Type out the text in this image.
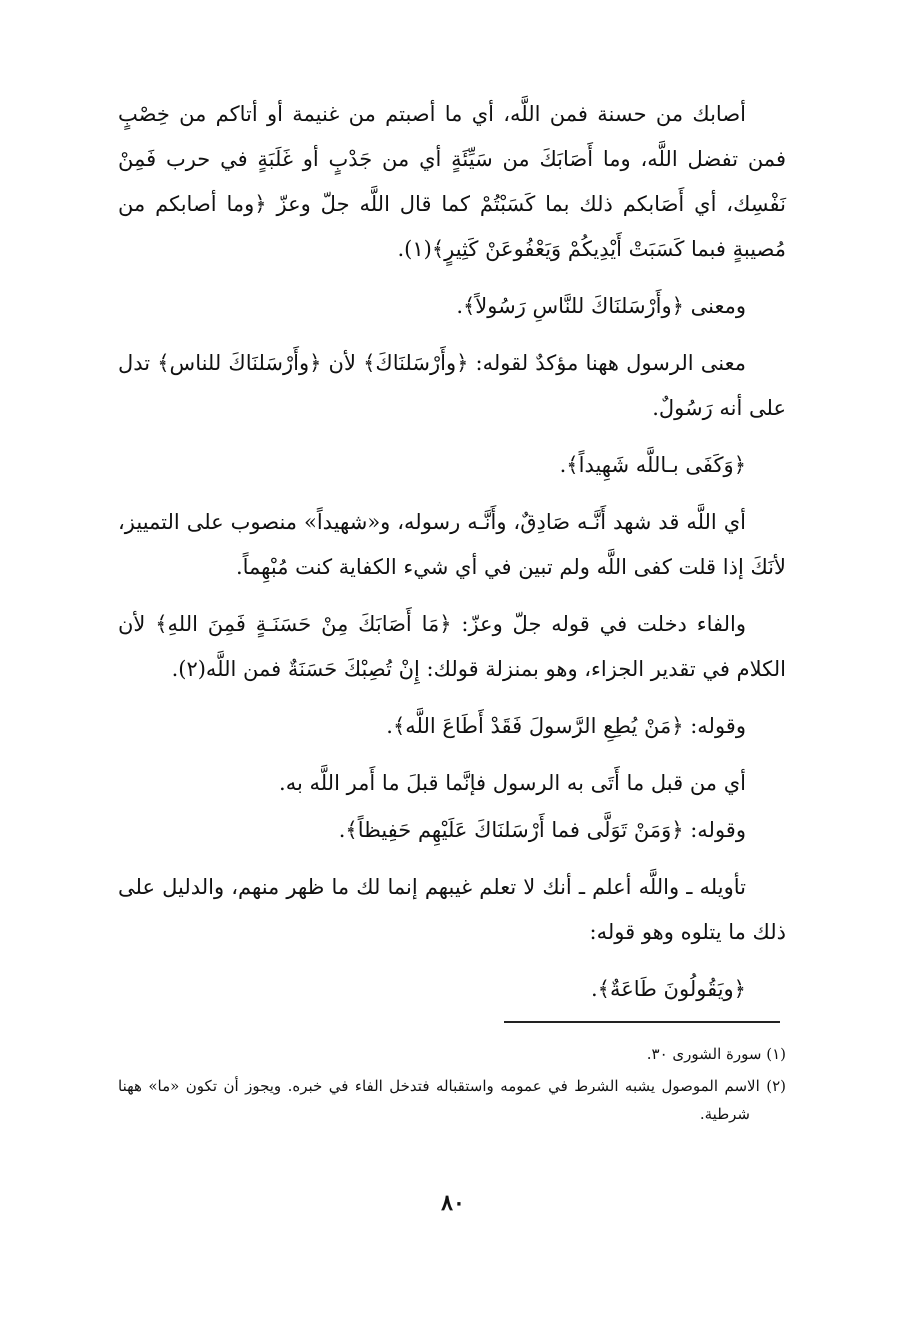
أصابك من حسنة فمن اللَّه، أي ما أصبتم من غنيمة أو أتاكم من خِصْبٍ فمن تفضل اللَّه، وما أَصَابَكَ من سَيِّئَةٍ أي من جَدْبٍ أو غَلَبَةٍ في حرب فَمِنْ نَفْسِك، أي أَصَابكم ذلك بما كَسَبْتُمْ كما قال اللَّه جلّ وعزّ ﴿وما أصابكم من مُصيبةٍ فبما كَسَبَتْ أَيْدِيكُمْ وَيَعْفُوعَنْ كَثِيرٍ﴾(١).

ومعنى ﴿وأَرْسَلنَاكَ للنَّاسِ رَسُولاً﴾.

معنى الرسول ههنا مؤكدٌ لقوله: ﴿وأَرْسَلنَاكَ﴾ لأن ﴿وأَرْسَلنَاكَ للناس﴾ تدل على أنه رَسُولٌ.

﴿وَكَفَى بـاللَّه شَهِيداً﴾.

أي اللَّه قد شهد أَنَّـه صَادِقٌ، وأَنَّـه رسوله، و«شهيداً» منصوب على التمييز، لأنَكَ إذا قلت كفى اللَّه ولم تبين في أي شيء الكفاية كنت مُبْهِماً.

والفاء دخلت في قوله جلّ وعزّ: ﴿مَا أَصَابَكَ مِنْ حَسَنَـةٍ فَمِنَ اللهِ﴾ لأن الكلام في تقدير الجزاء، وهو بمنزلة قولك: إِنْ تُصِبْكَ حَسَنَةٌ فمن اللَّه(٢).

وقوله: ﴿مَنْ يُطِعِ الرَّسولَ فَقَدْ أَطَاعَ اللَّه﴾.

أي من قبل ما أَتَى به الرسول فإنَّما قبلَ ما أَمر اللَّه به.

وقوله: ﴿وَمَنْ تَوَلَّى فما أَرْسَلنَاكَ عَلَيْهِم حَفِيظاً﴾.

تأويله ـ واللَّه أعلم ـ أنك لا تعلم غيبهم إنما لك ما ظهر منهم، والدليل على ذلك ما يتلوه وهو قوله:

﴿ويَقُولُونَ طَاعَةٌ﴾.

(١) سورة الشورى ٣٠.

(٢) الاسم الموصول يشبه الشرط في عمومه واستقباله فتدخل الفاء في خبره. ويجوز أن تكون «ما» ههنا شرطية.

٨٠
